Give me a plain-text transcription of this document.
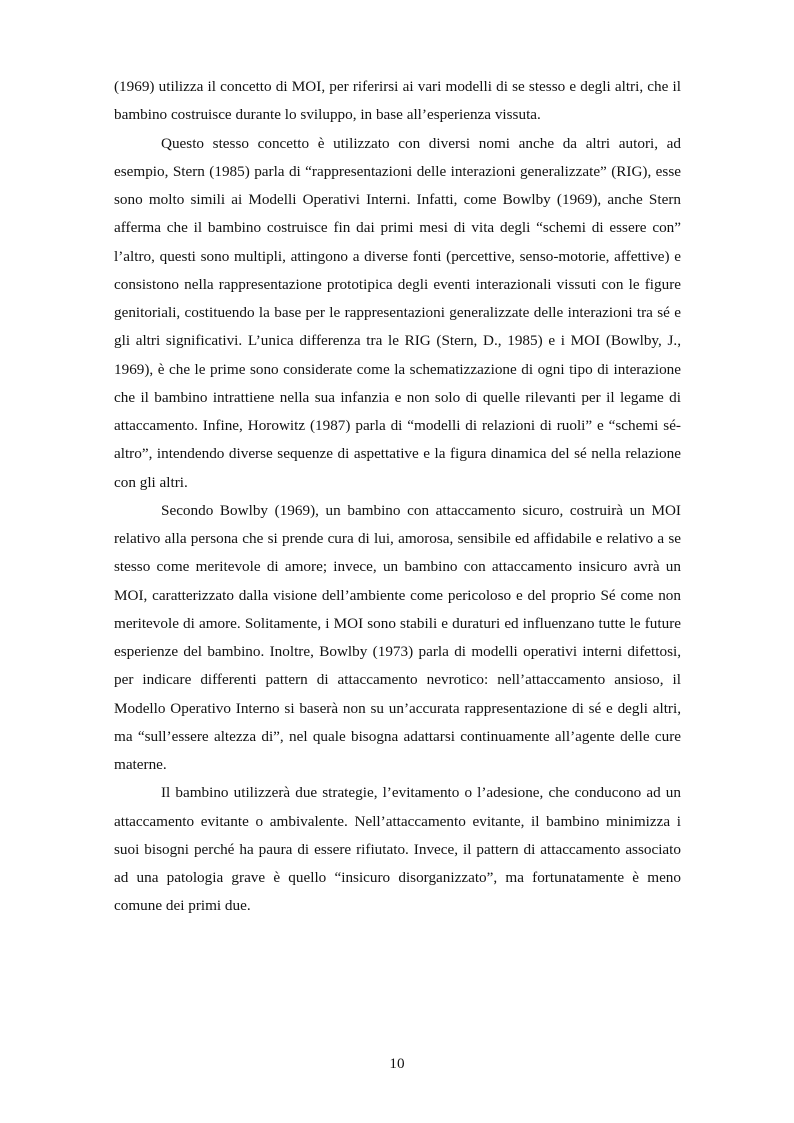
(1969) utilizza il concetto di MOI, per riferirsi ai vari modelli di se stesso e degli altri, che il bambino costruisce durante lo sviluppo, in base all’esperienza vissuta.

Questo stesso concetto è utilizzato con diversi nomi anche da altri autori, ad esempio, Stern (1985) parla di “rappresentazioni delle interazioni generalizzate” (RIG), esse sono molto simili ai Modelli Operativi Interni. Infatti, come Bowlby (1969), anche Stern afferma che il bambino costruisce fin dai primi mesi di vita degli “schemi di essere con” l’altro, questi sono multipli, attingono a diverse fonti (percettive, senso-motorie, affettive) e consistono nella rappresentazione prototipica degli eventi interazionali vissuti con le figure genitoriali, costituendo la base per le rappresentazioni generalizzate delle interazioni tra sé e gli altri significativi. L’unica differenza tra le RIG (Stern, D., 1985) e i MOI (Bowlby, J., 1969), è che le prime sono considerate come la schematizzazione di ogni tipo di interazione che il bambino intrattiene nella sua infanzia e non solo di quelle rilevanti per il legame di attaccamento. Infine, Horowitz (1987) parla di “modelli di relazioni di ruoli” e “schemi sé-altro”, intendendo diverse sequenze di aspettative e la figura dinamica del sé nella relazione con gli altri.

Secondo Bowlby (1969), un bambino con attaccamento sicuro, costruirà un MOI relativo alla persona che si prende cura di lui, amorosa, sensibile ed affidabile e relativo a se stesso come meritevole di amore; invece, un bambino con attaccamento insicuro avrà un MOI, caratterizzato dalla visione dell’ambiente come pericoloso e del proprio Sé come non meritevole di amore. Solitamente, i MOI sono stabili e duraturi ed influenzano tutte le future esperienze del bambino. Inoltre, Bowlby (1973) parla di modelli operativi interni difettosi, per indicare differenti pattern di attaccamento nevrotico: nell’attaccamento ansioso, il Modello Operativo Interno si baserà non su un’accurata rappresentazione di sé e degli altri, ma “sull’essere altezza di”, nel quale bisogna adattarsi continuamente all’agente delle cure materne.

Il bambino utilizzerà due strategie, l’evitamento o l’adesione, che conducono ad un attaccamento evitante o ambivalente. Nell’attaccamento evitante, il bambino minimizza i suoi bisogni perché ha paura di essere rifiutato. Invece, il pattern di attaccamento associato ad una patologia grave è quello “insicuro disorganizzato”, ma fortunatamente è meno comune dei primi due.

10
